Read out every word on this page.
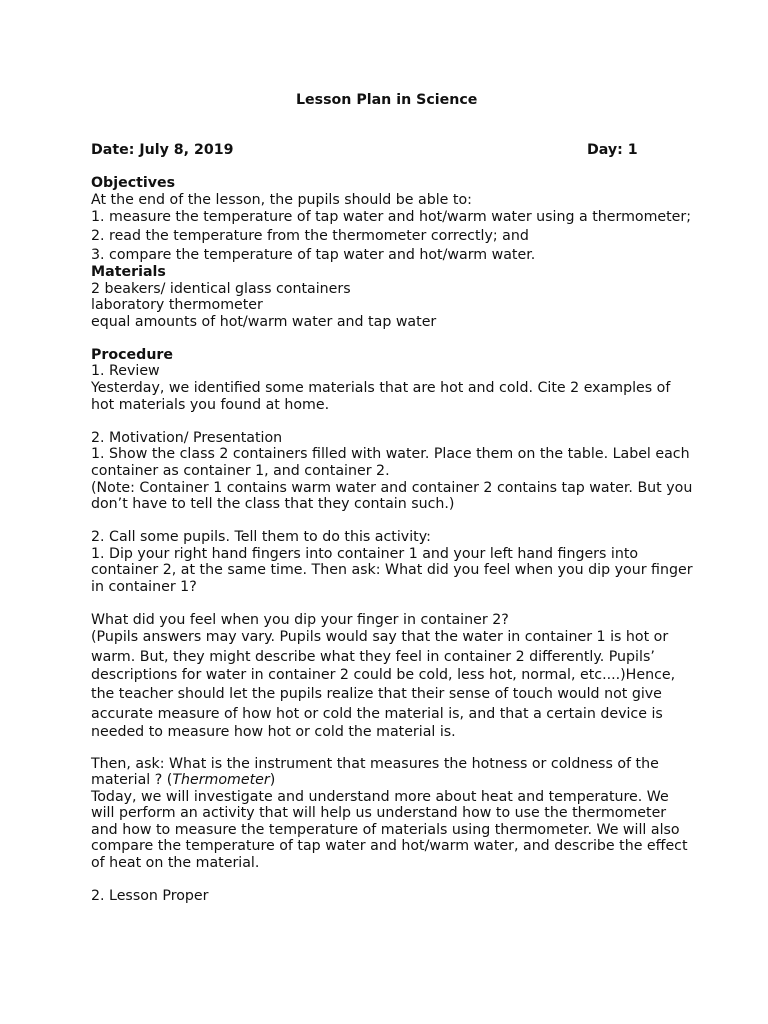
Lesson Plan in Science
Date: July 8, 2019	Day: 1
Objectives
At the end of the lesson, the pupils should be able to:
1. measure the temperature of tap water and hot/warm water using a thermometer;
2. read the temperature from the thermometer correctly; and
3. compare the temperature of tap water and hot/warm water.
Materials
2 beakers/ identical glass containers
laboratory thermometer
equal amounts of hot/warm water and tap water
Procedure
1. Review
Yesterday, we identified some materials that are hot and cold. Cite 2 examples of
hot materials you found at home.
2. Motivation/ Presentation
1. Show the class 2 containers filled with water. Place them on the table. Label each
container as container 1, and container 2.
(Note: Container 1 contains warm water and container 2 contains tap water. But you
don’t have to tell the class that they contain such.)
2. Call some pupils. Tell them to do this activity:
1. Dip your right hand fingers into container 1 and your left hand fingers into
container 2, at the same time. Then ask: What did you feel when you dip your finger
in container 1?
What did you feel when you dip your finger in container 2?
(Pupils answers may vary. Pupils would say that the water in container 1 is hot or
warm. But, they might describe what they feel in container 2 differently. Pupils’
descriptions for water in container 2 could be cold, less hot, normal, etc....)Hence,
the teacher should let the pupils realize that their sense of touch would not give
accurate measure of how hot or cold the material is, and that a certain device is
needed to measure how hot or cold the material is.
Then, ask: What is the instrument that measures the hotness or coldness of the
material ? (Thermometer)
Today, we will investigate and understand more about heat and temperature. We
will perform an activity that will help us understand how to use the thermometer
and how to measure the temperature of materials using thermometer. We will also
compare the temperature of tap water and hot/warm water, and describe the effect
of heat on the material.
2. Lesson Proper
